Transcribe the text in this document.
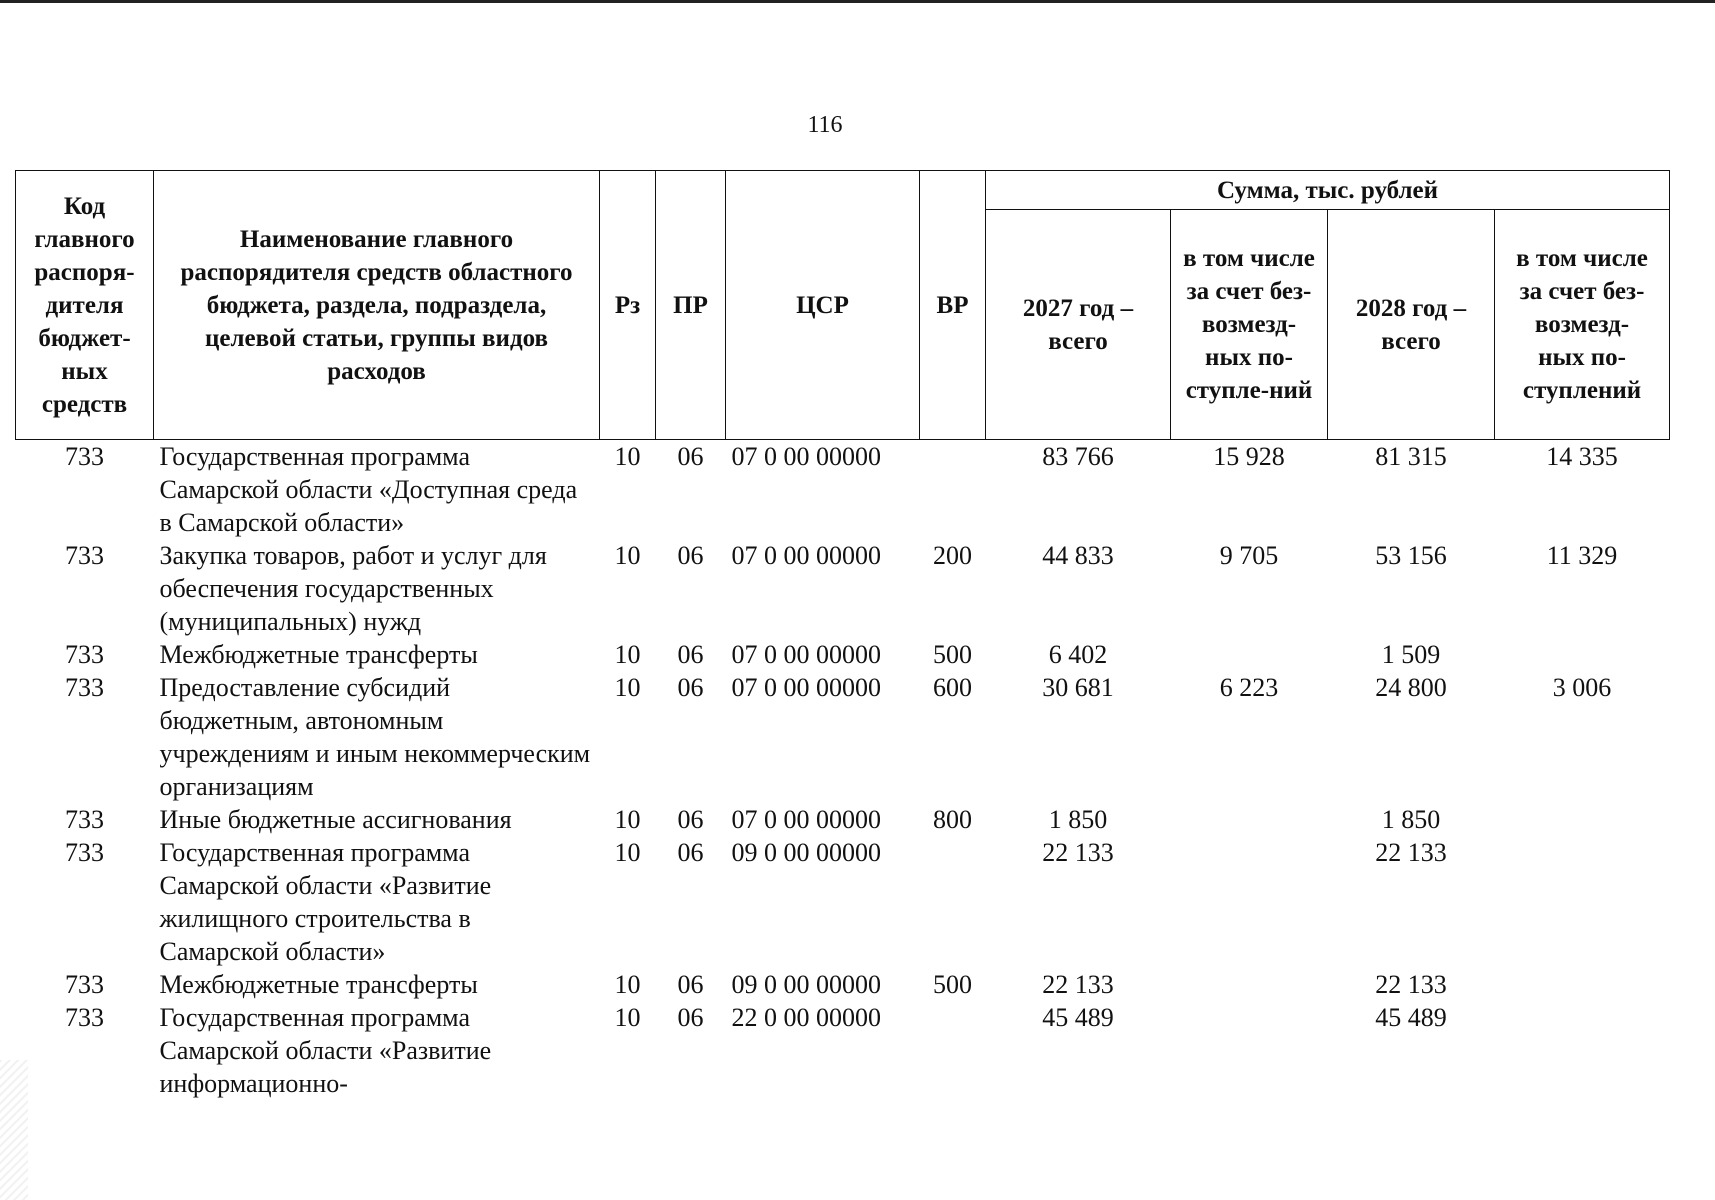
116
Код главного распоря-дителя бюджет-ных средств	Наименование главного распорядителя средств областного бюджета, раздела, подраздела, целевой статьи, группы видов расходов	Рз	ПР	ЦСР	ВР	Сумма, тыс. рублей			
						2027 год – всего	в том числе за счет без-возмезд-ных по-ступле-ний	2028 год – всего	в том числе за счет без-возмезд-ных по-ступлений
733	Государственная программа Самарской области «Доступная среда в Самарской области»	10	06	07 0 00 00000		83 766	15 928	81 315	14 335
733	Закупка товаров, работ и услуг для обеспечения государственных (муниципальных) нужд	10	06	07 0 00 00000	200	44 833	9 705	53 156	11 329
733	Межбюджетные трансферты	10	06	07 0 00 00000	500	6 402		1 509	
733	Предоставление субсидий бюджетным, автономным учреждениям и иным некоммерческим организациям	10	06	07 0 00 00000	600	30 681	6 223	24 800	3 006
733	Иные бюджетные ассигнования	10	06	07 0 00 00000	800	1 850		1 850	
733	Государственная программа Самарской области «Развитие жилищного строительства в Самарской области»	10	06	09 0 00 00000		22 133		22 133	
733	Межбюджетные трансферты	10	06	09 0 00 00000	500	22 133		22 133	
733	Государственная программа Самарской области «Развитие информационно-	10	06	22 0 00 00000		45 489		45 489	
